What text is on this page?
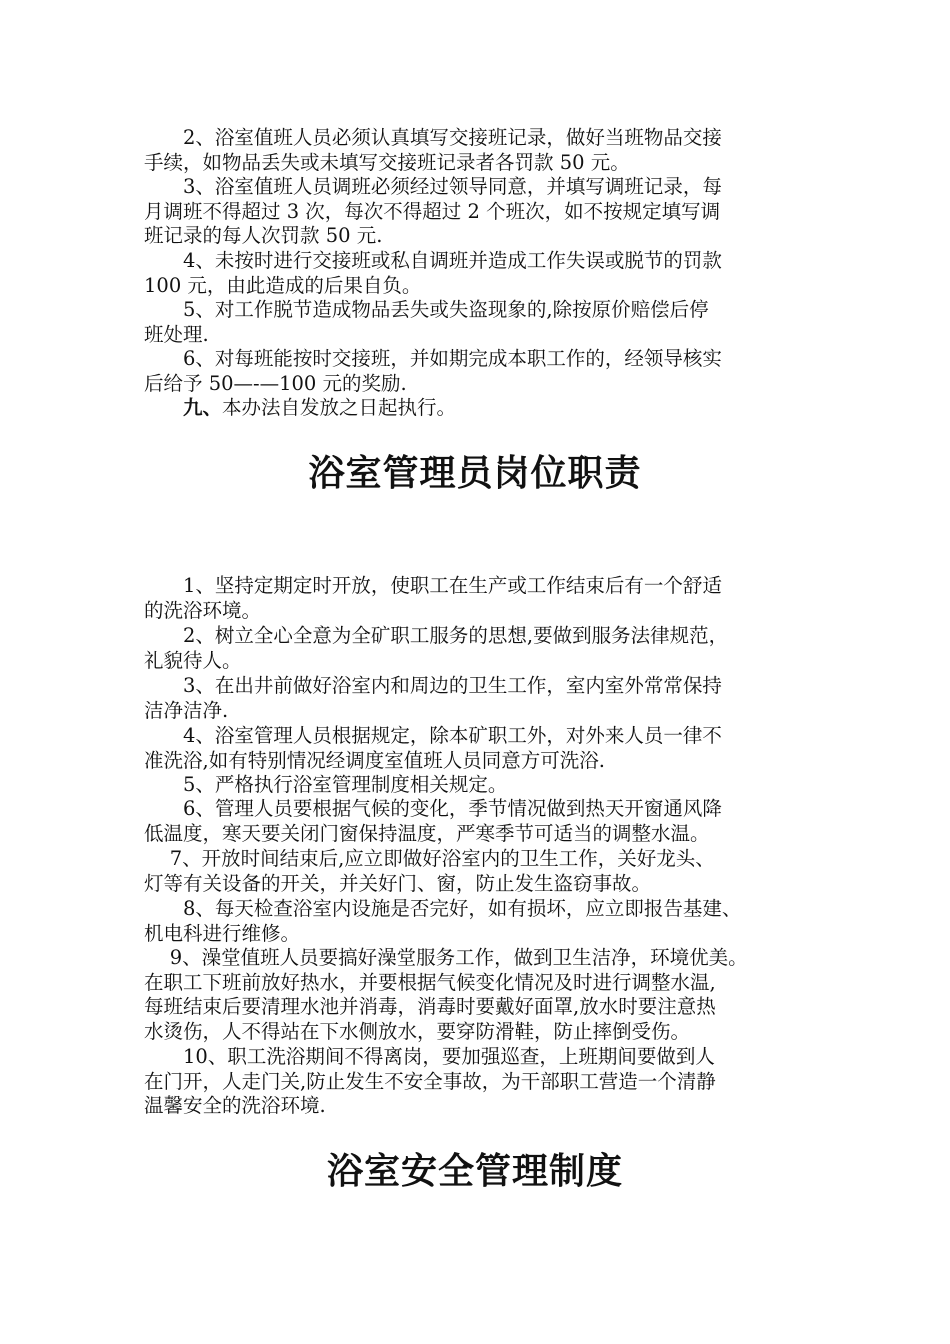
　　2、浴室值班人员必须认真填写交接班记录，做好当班物品交接
手续，如物品丢失或未填写交接班记录者各罚款 50 元。
　　3、浴室值班人员调班必须经过领导同意，并填写调班记录，每
月调班不得超过 3 次，每次不得超过 2 个班次，如不按规定填写调
班记录的每人次罚款 50 元.
　　4、未按时进行交接班或私自调班并造成工作失误或脱节的罚款
100 元，由此造成的后果自负。
　　5、对工作脱节造成物品丢失或失盗现象的,除按原价赔偿后停
班处理.
　　6、对每班能按时交接班，并如期完成本职工作的，经领导核实
后给予 50—-—100 元的奖励.
　　九、本办法自发放之日起执行。
浴室管理员岗位职责
　　1、坚持定期定时开放，使职工在生产或工作结束后有一个舒适
的洗浴环境。
　　2、树立全心全意为全矿职工服务的思想,要做到服务法律规范，
礼貌待人。
　　3、在出井前做好浴室内和周边的卫生工作，室内室外常常保持
洁净洁净.
　　4、浴室管理人员根据规定，除本矿职工外，对外来人员一律不
准洗浴,如有特别情况经调度室值班人员同意方可洗浴.
　　5、严格执行浴室管理制度相关规定。
　　6、管理人员要根据气候的变化，季节情况做到热天开窗通风降
低温度，寒天要关闭门窗保持温度，严寒季节可适当的调整水温。
　 7、开放时间结束后,应立即做好浴室内的卫生工作，关好龙头、
灯等有关设备的开关，并关好门、窗，防止发生盗窃事故。
　　8、每天检查浴室内设施是否完好，如有损坏，应立即报告基建、
机电科进行维修。
　 9、澡堂值班人员要搞好澡堂服务工作，做到卫生洁净，环境优美。
在职工下班前放好热水，并要根据气候变化情况及时进行调整水温,
每班结束后要清理水池并消毒，消毒时要戴好面罩,放水时要注意热
水烫伤，人不得站在下水侧放水，要穿防滑鞋，防止摔倒受伤。
　　10、职工洗浴期间不得离岗，要加强巡查，上班期间要做到人
在门开，人走门关,防止发生不安全事故，为干部职工营造一个清静
温馨安全的洗浴环境.
浴室安全管理制度
